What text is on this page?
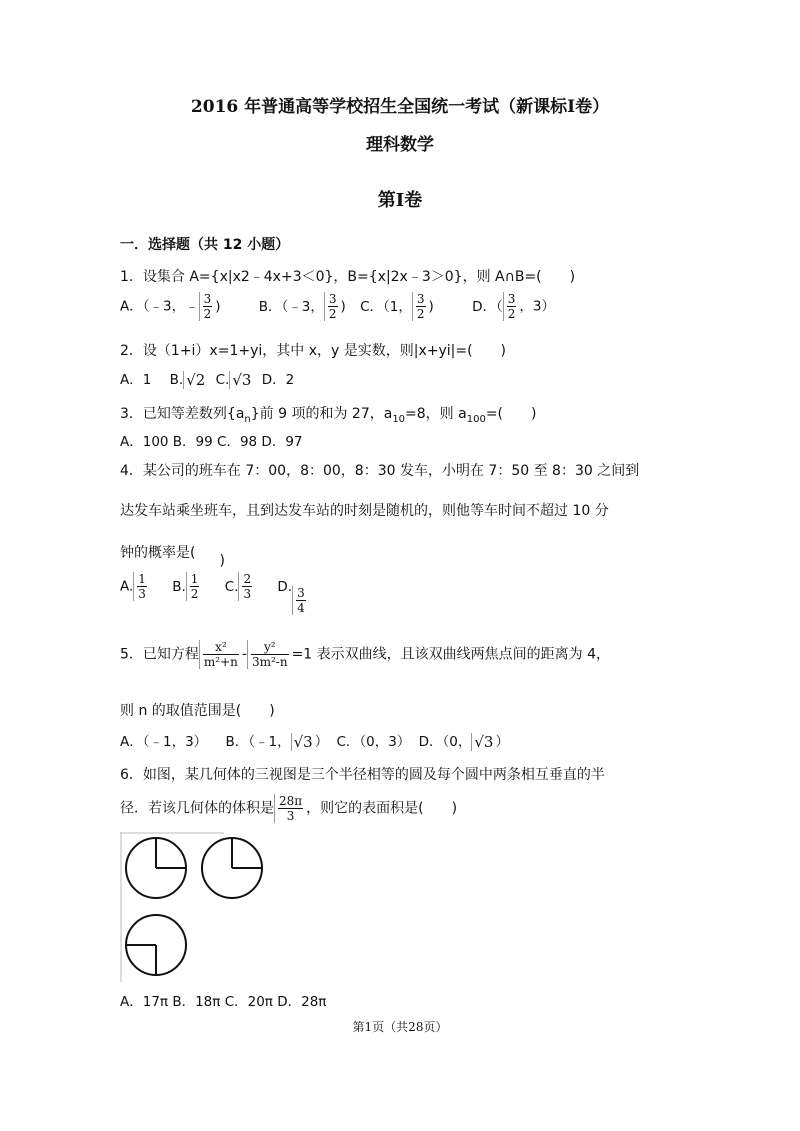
2016 年普通高等学校招生全国统一考试（新课标Ⅰ卷）
理科数学
第Ⅰ卷
一．选择题（共 12 小题）
1．设集合 A={x|x2﹣4x+3＜0}，B={x|2x﹣3＞0}，则 A∩B=(　　)
A．（﹣3，﹣ $\frac{3}{2}$ )	B．（﹣3， $\frac{3}{2}$ ) C．（1， $\frac{3}{2}$ )	D．（ $\frac{3}{2}$ ，3）
2．设（1+i）x=1+yi，其中 x，y 是实数，则|x+yi|=(　　)
A．1 B. √2 C. √3 D．2
3．已知等差数列$\{a_n\}$前 9 项的和为 27，$a_{10}=8$，则 $a_{100}=$(　　)
A．100 B．99 C．98 D．97
4．某公司的班车在 7：00，8：00，8：30 发车，小明在 7：50 至 8：30 之间到
达发车站乘坐班车，且到达发车站的时刻是随机的，则他等车时间不超过 10 分
钟的概率是( )
A. $\frac{1}{3} B$. $\frac{1}{2} C$. $\frac{2}{3} D$. $\frac{3}{4}$
5．已知方程 $\frac{\text{x²}}{\text{m²+n}} - \frac{\text{y²}}{\text{3m²-n}} =1$ 表示双曲线，且该双曲线两焦点间的距离为 4，
则 n 的取值范围是(　　)
A．（﹣1，3） B．（﹣1， √3 ） C．（0，3） D．（0， √3 ）
6．如图，某几何体的三视图是三个半径相等的圆及每个圆中两条相互垂直的半
径．若该几何体的体积是 $\frac{28\pi}{3}$ ，则它的表面积是(　　)
A．17π B．18π C．20π D．28π
第1页（共28页）
